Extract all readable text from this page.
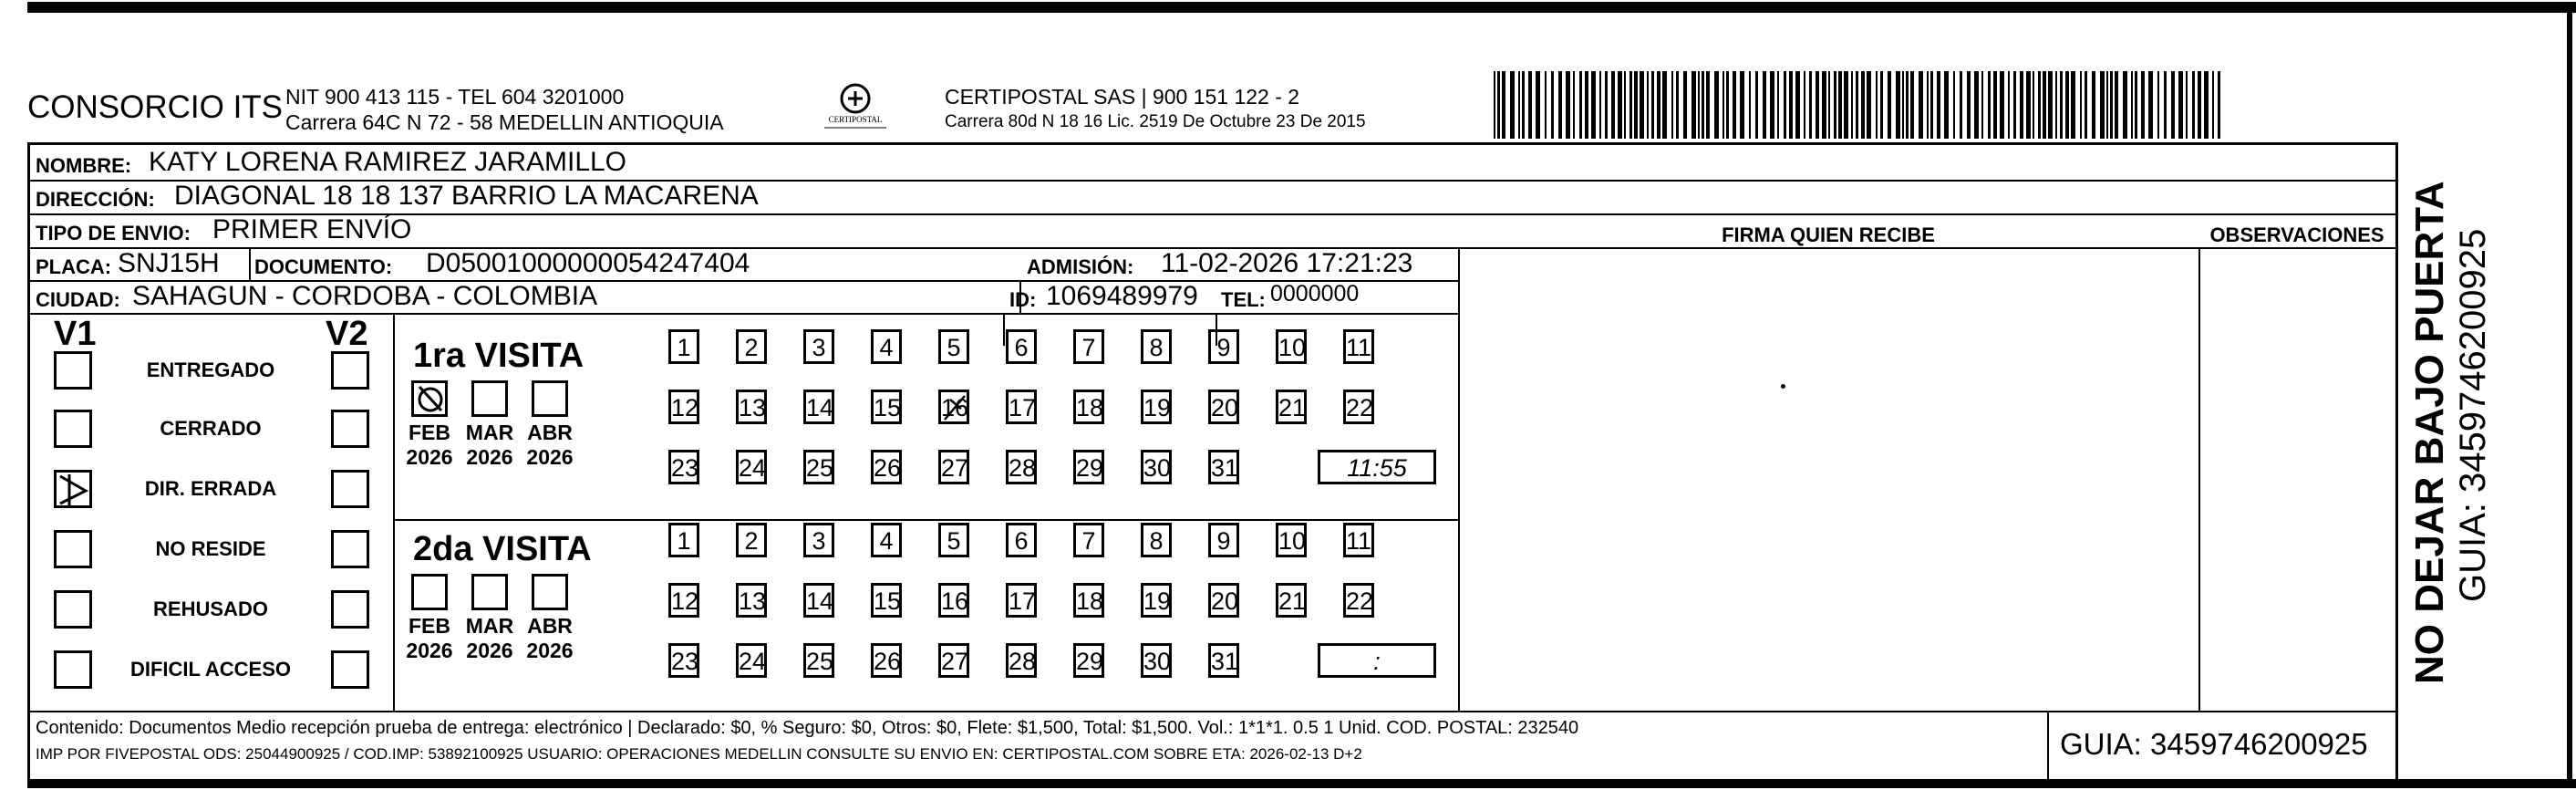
CONSORCIO ITS NIT 900 413 115 - TEL 604 3201000
Carrera 64C N 72 - 58 MEDELLIN ANTIOQUIA	CERTIPOSTAL
CERTIPOSTAL SAS | 900 151 122 - 2
Carrera 80d N 18 16 Lic. 2519 De Octubre 23 De 2015
NOMBRE: KATY LORENA RAMIREZ JARAMILLO
DIRECCIÓN: DIAGONAL 18 18 137 BARRIO LA MACARENA
TIPO DE ENVIO: PRIMER ENVÍO
PLACA: SNJ15H DOCUMENTO: D05001000000054247404	ADMISIÓN: 11-02-2026 17:21:23
CIUDAD: SAHAGUN - CORDOBA - COLOMBIA	ID: 1069489979 TEL: 0000000
FIRMA QUIEN RECIBE	OBSERVACIONES
V1	V2
ENTREGADO
CERRADO
DIR. ERRADA
NO RESIDE
REHUSADO
DIFICIL ACCESO
1ra VISITA
2da VISITA
FEB
2026
MAR
2026
ABR
2026
1	2	3	4	5	6	7	8	9	10 11
12 13 14 15 16 17 18 19 20 21 22
23 24 25 26 27 28 29 30 31	11:55
FEB
2026
MAR
2026
ABR
2026
1	2	3	4	5	6	7	8	9	10 11
12 13 14 15 16 17 18 19 20 21 22
23 24 25 26 27 28 29 30 31	:
Contenido: Documentos Medio recepción prueba de entrega: electrónico | Declarado: $0, % Seguro: $0, Otros: $0, Flete: $1,500, Total: $1,500. Vol.: 1*1*1. 0.5 1 Unid. COD. POSTAL: 232540
IMP POR FIVEPOSTAL ODS: 25044900925 / COD.IMP: 53892100925 USUARIO: OPERACIONES MEDELLIN CONSULTE SU ENVIO EN: CERTIPOSTAL.COM SOBRE ETA: 2026-02-13 D+2	GUIA: 3459746200925
NO DEJAR BAJO PUERTA GUIA: 3459746200925
